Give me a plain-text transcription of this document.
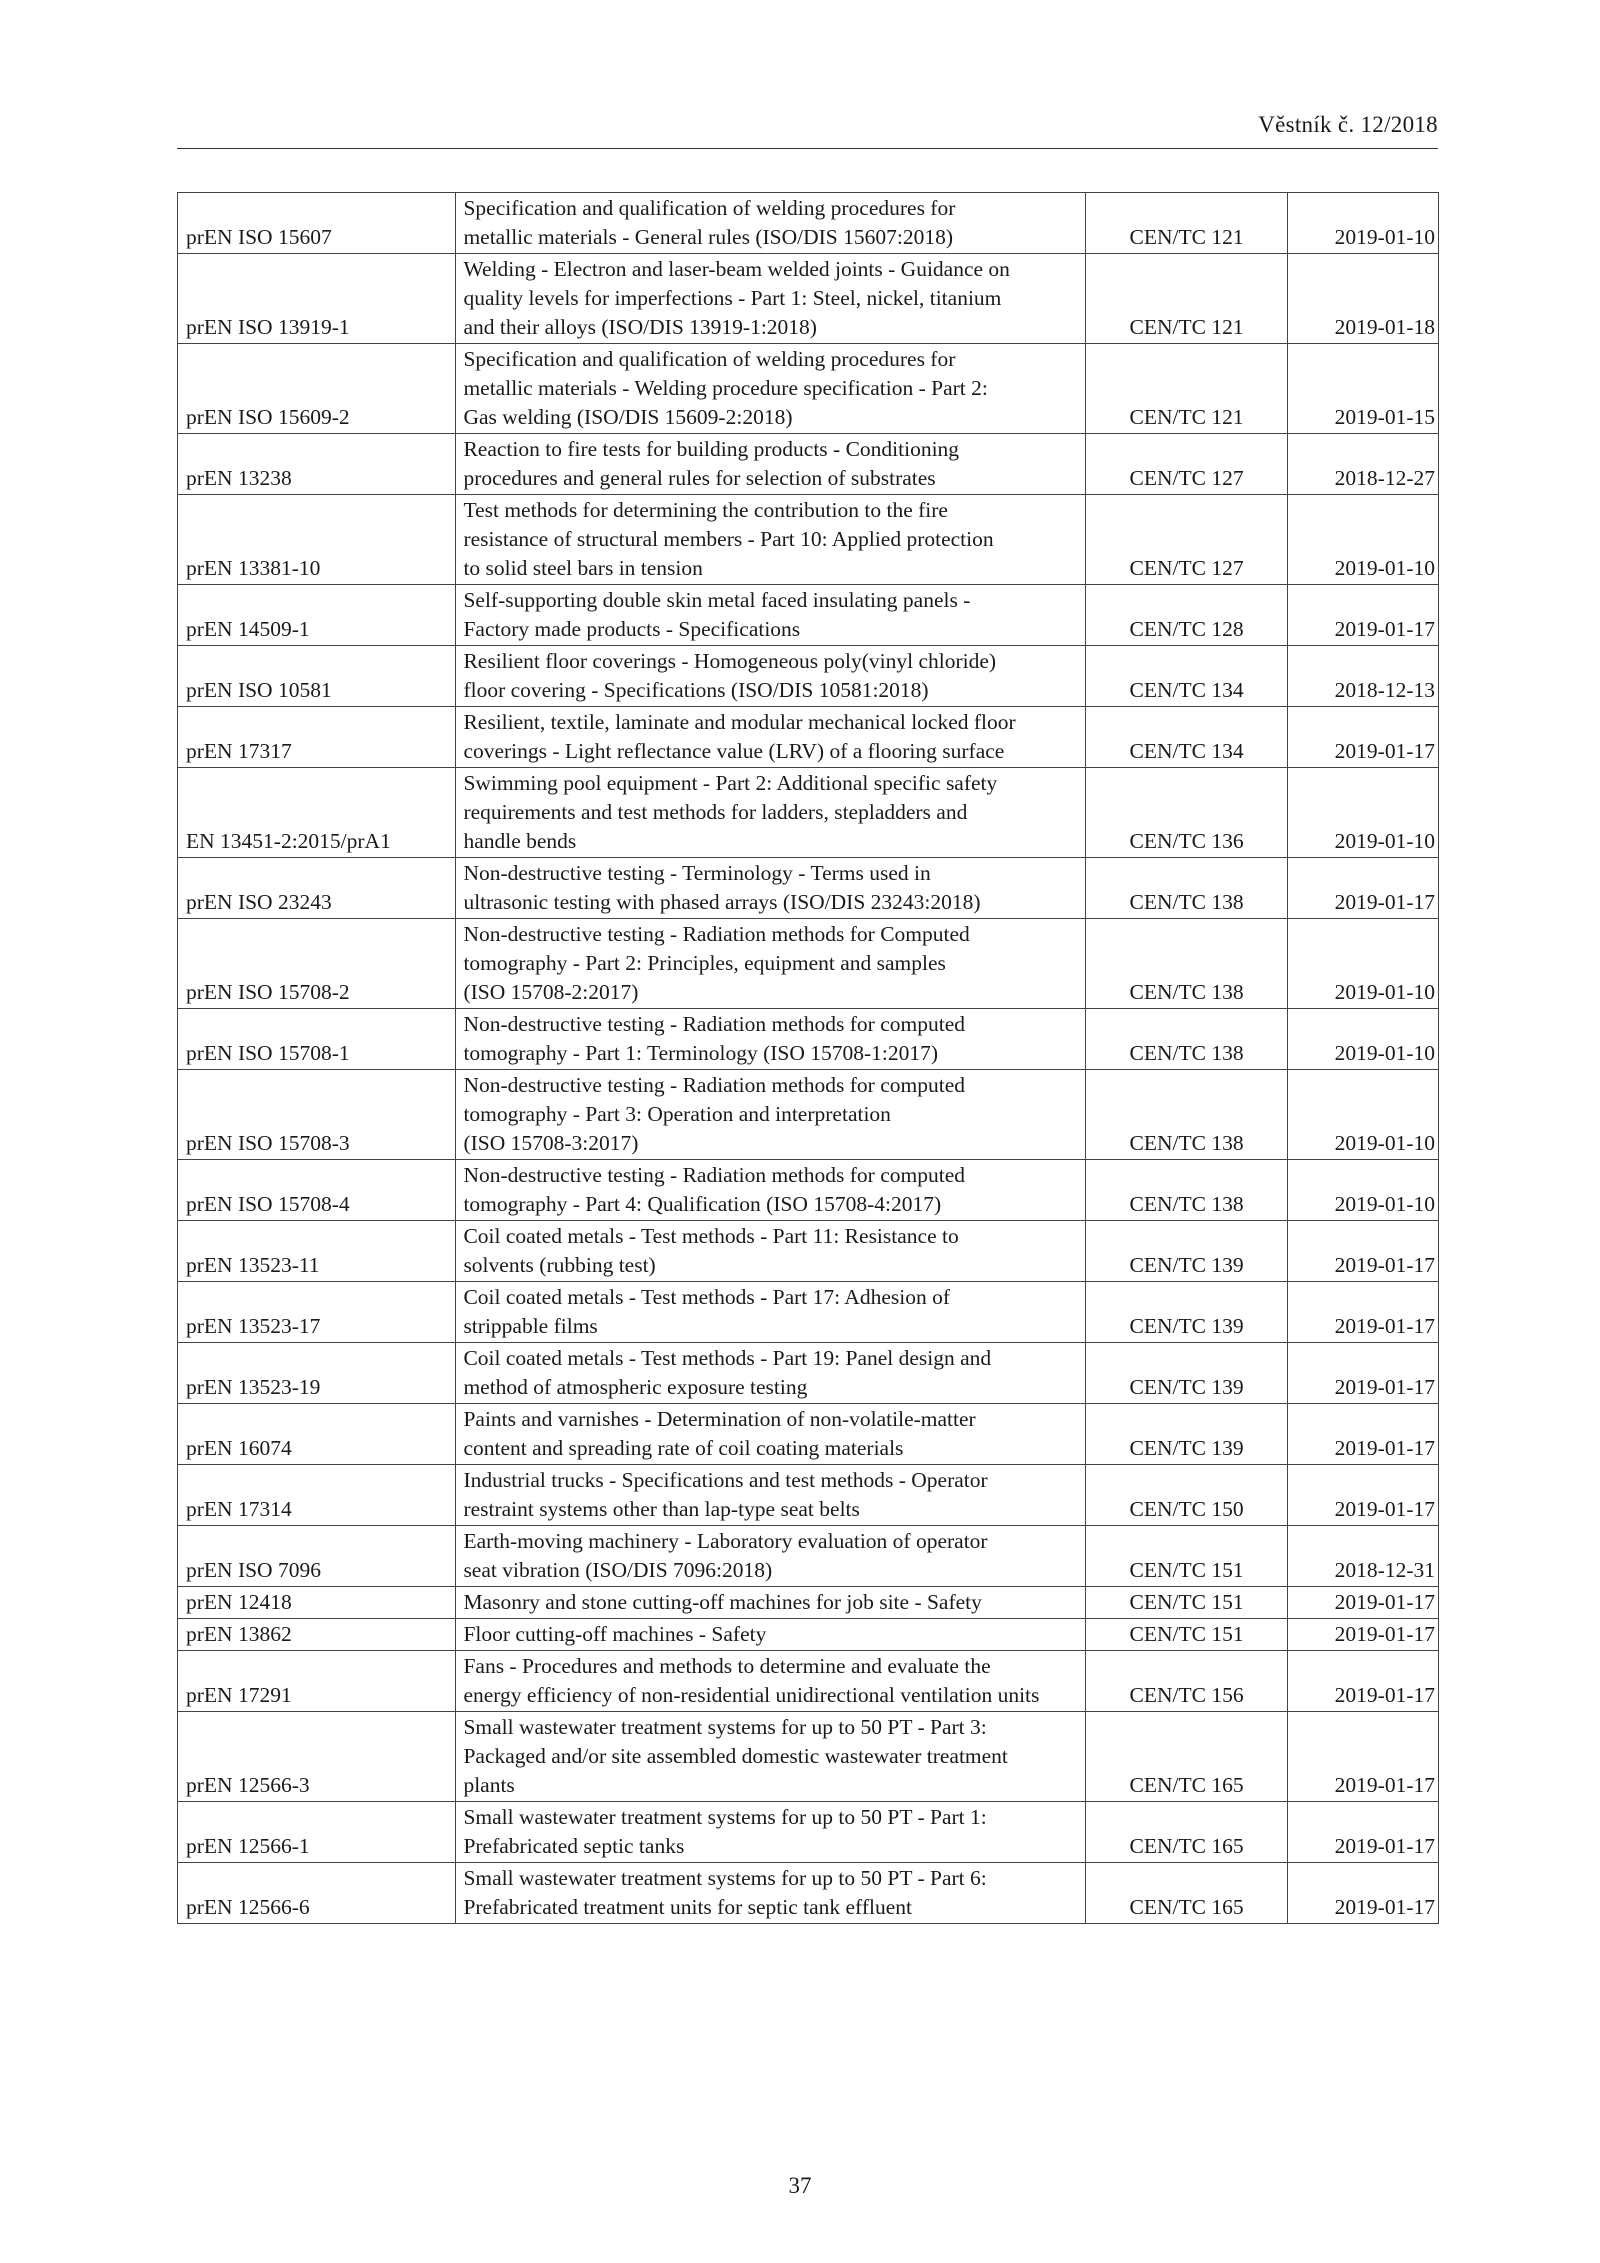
Věstník č. 12/2018
prEN ISO 15607	Specification and qualification of welding procedures for
metallic materials - General rules (ISO/DIS 15607:2018)	CEN/TC 121	2019-01-10
prEN ISO 13919-1	Welding - Electron and laser-beam welded joints - Guidance on
quality levels for imperfections - Part 1: Steel, nickel, titanium
and their alloys (ISO/DIS 13919-1:2018)	CEN/TC 121	2019-01-18
prEN ISO 15609-2	Specification and qualification of welding procedures for
metallic materials - Welding procedure specification - Part 2:
Gas welding (ISO/DIS 15609-2:2018)	CEN/TC 121	2019-01-15
prEN 13238	Reaction to fire tests for building products - Conditioning
procedures and general rules for selection of substrates	CEN/TC 127	2018-12-27
prEN 13381-10	Test methods for determining the contribution to the fire
resistance of structural members - Part 10: Applied protection
to solid steel bars in tension	CEN/TC 127	2019-01-10
prEN 14509-1	Self-supporting double skin metal faced insulating panels -
Factory made products - Specifications	CEN/TC 128	2019-01-17
prEN ISO 10581	Resilient floor coverings - Homogeneous poly(vinyl chloride)
floor covering - Specifications (ISO/DIS 10581:2018)	CEN/TC 134	2018-12-13
prEN 17317	Resilient, textile, laminate and modular mechanical locked floor
coverings - Light reflectance value (LRV) of a flooring surface	CEN/TC 134	2019-01-17
EN 13451-2:2015/prA1	Swimming pool equipment - Part 2: Additional specific safety
requirements and test methods for ladders, stepladders and
handle bends	CEN/TC 136	2019-01-10
prEN ISO 23243	Non-destructive testing - Terminology - Terms used in
ultrasonic testing with phased arrays (ISO/DIS 23243:2018)	CEN/TC 138	2019-01-17
prEN ISO 15708-2	Non-destructive testing - Radiation methods for Computed
tomography - Part 2: Principles, equipment and samples
(ISO 15708-2:2017)	CEN/TC 138	2019-01-10
prEN ISO 15708-1	Non-destructive testing - Radiation methods for computed
tomography - Part 1: Terminology (ISO 15708-1:2017)	CEN/TC 138	2019-01-10
prEN ISO 15708-3	Non-destructive testing - Radiation methods for computed
tomography - Part 3: Operation and interpretation
(ISO 15708-3:2017)	CEN/TC 138	2019-01-10
prEN ISO 15708-4	Non-destructive testing - Radiation methods for computed
tomography - Part 4: Qualification (ISO 15708-4:2017)	CEN/TC 138	2019-01-10
prEN 13523-11	Coil coated metals - Test methods - Part 11: Resistance to
solvents (rubbing test)	CEN/TC 139	2019-01-17
prEN 13523-17	Coil coated metals - Test methods - Part 17: Adhesion of
strippable films	CEN/TC 139	2019-01-17
prEN 13523-19	Coil coated metals - Test methods - Part 19: Panel design and
method of atmospheric exposure testing	CEN/TC 139	2019-01-17
prEN 16074	Paints and varnishes - Determination of non-volatile-matter
content and spreading rate of coil coating materials	CEN/TC 139	2019-01-17
prEN 17314	Industrial trucks - Specifications and test methods - Operator
restraint systems other than lap-type seat belts	CEN/TC 150	2019-01-17
prEN ISO 7096	Earth-moving machinery - Laboratory evaluation of operator
seat vibration (ISO/DIS 7096:2018)	CEN/TC 151	2018-12-31
prEN 12418	Masonry and stone cutting-off machines for job site - Safety	CEN/TC 151	2019-01-17
prEN 13862	Floor cutting-off machines - Safety	CEN/TC 151	2019-01-17
prEN 17291	Fans - Procedures and methods to determine and evaluate the
energy efficiency of non-residential unidirectional ventilation units	CEN/TC 156	2019-01-17
prEN 12566-3	Small wastewater treatment systems for up to 50 PT - Part 3:
Packaged and/or site assembled domestic wastewater treatment
plants	CEN/TC 165	2019-01-17
prEN 12566-1	Small wastewater treatment systems for up to 50 PT - Part 1:
Prefabricated septic tanks	CEN/TC 165	2019-01-17
prEN 12566-6	Small wastewater treatment systems for up to 50 PT - Part 6:
Prefabricated treatment units for septic tank effluent	CEN/TC 165	2019-01-17
37
